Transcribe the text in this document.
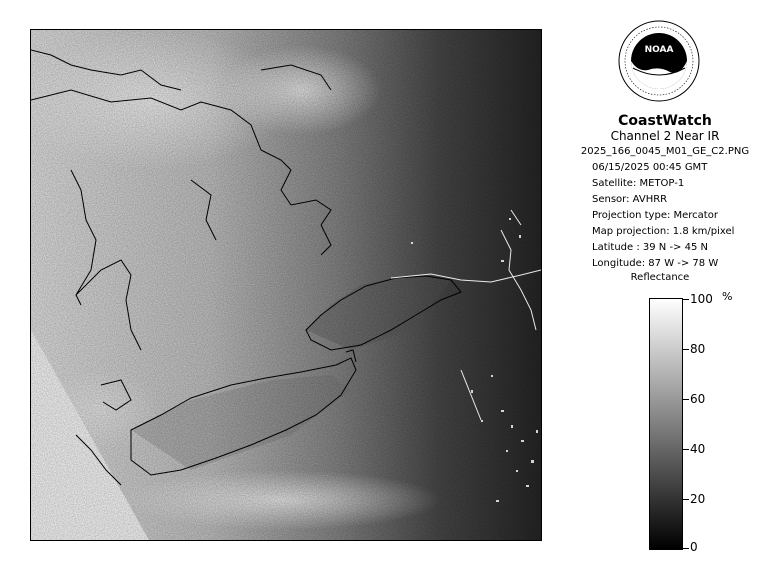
NOAA
CoastWatch
Channel 2 Near IR
2025_166_0045_M01_GE_C2.PNG
06/15/2025 00:45 GMT
Satellite: METOP-1
Sensor: AVHRR
Projection type: Mercator
Map projection: 1.8 km/pixel
Latitude : 39 N -> 45 N
Longitude: 87 W -> 78 W
Reflectance
%
100
80
60
40
20
0
